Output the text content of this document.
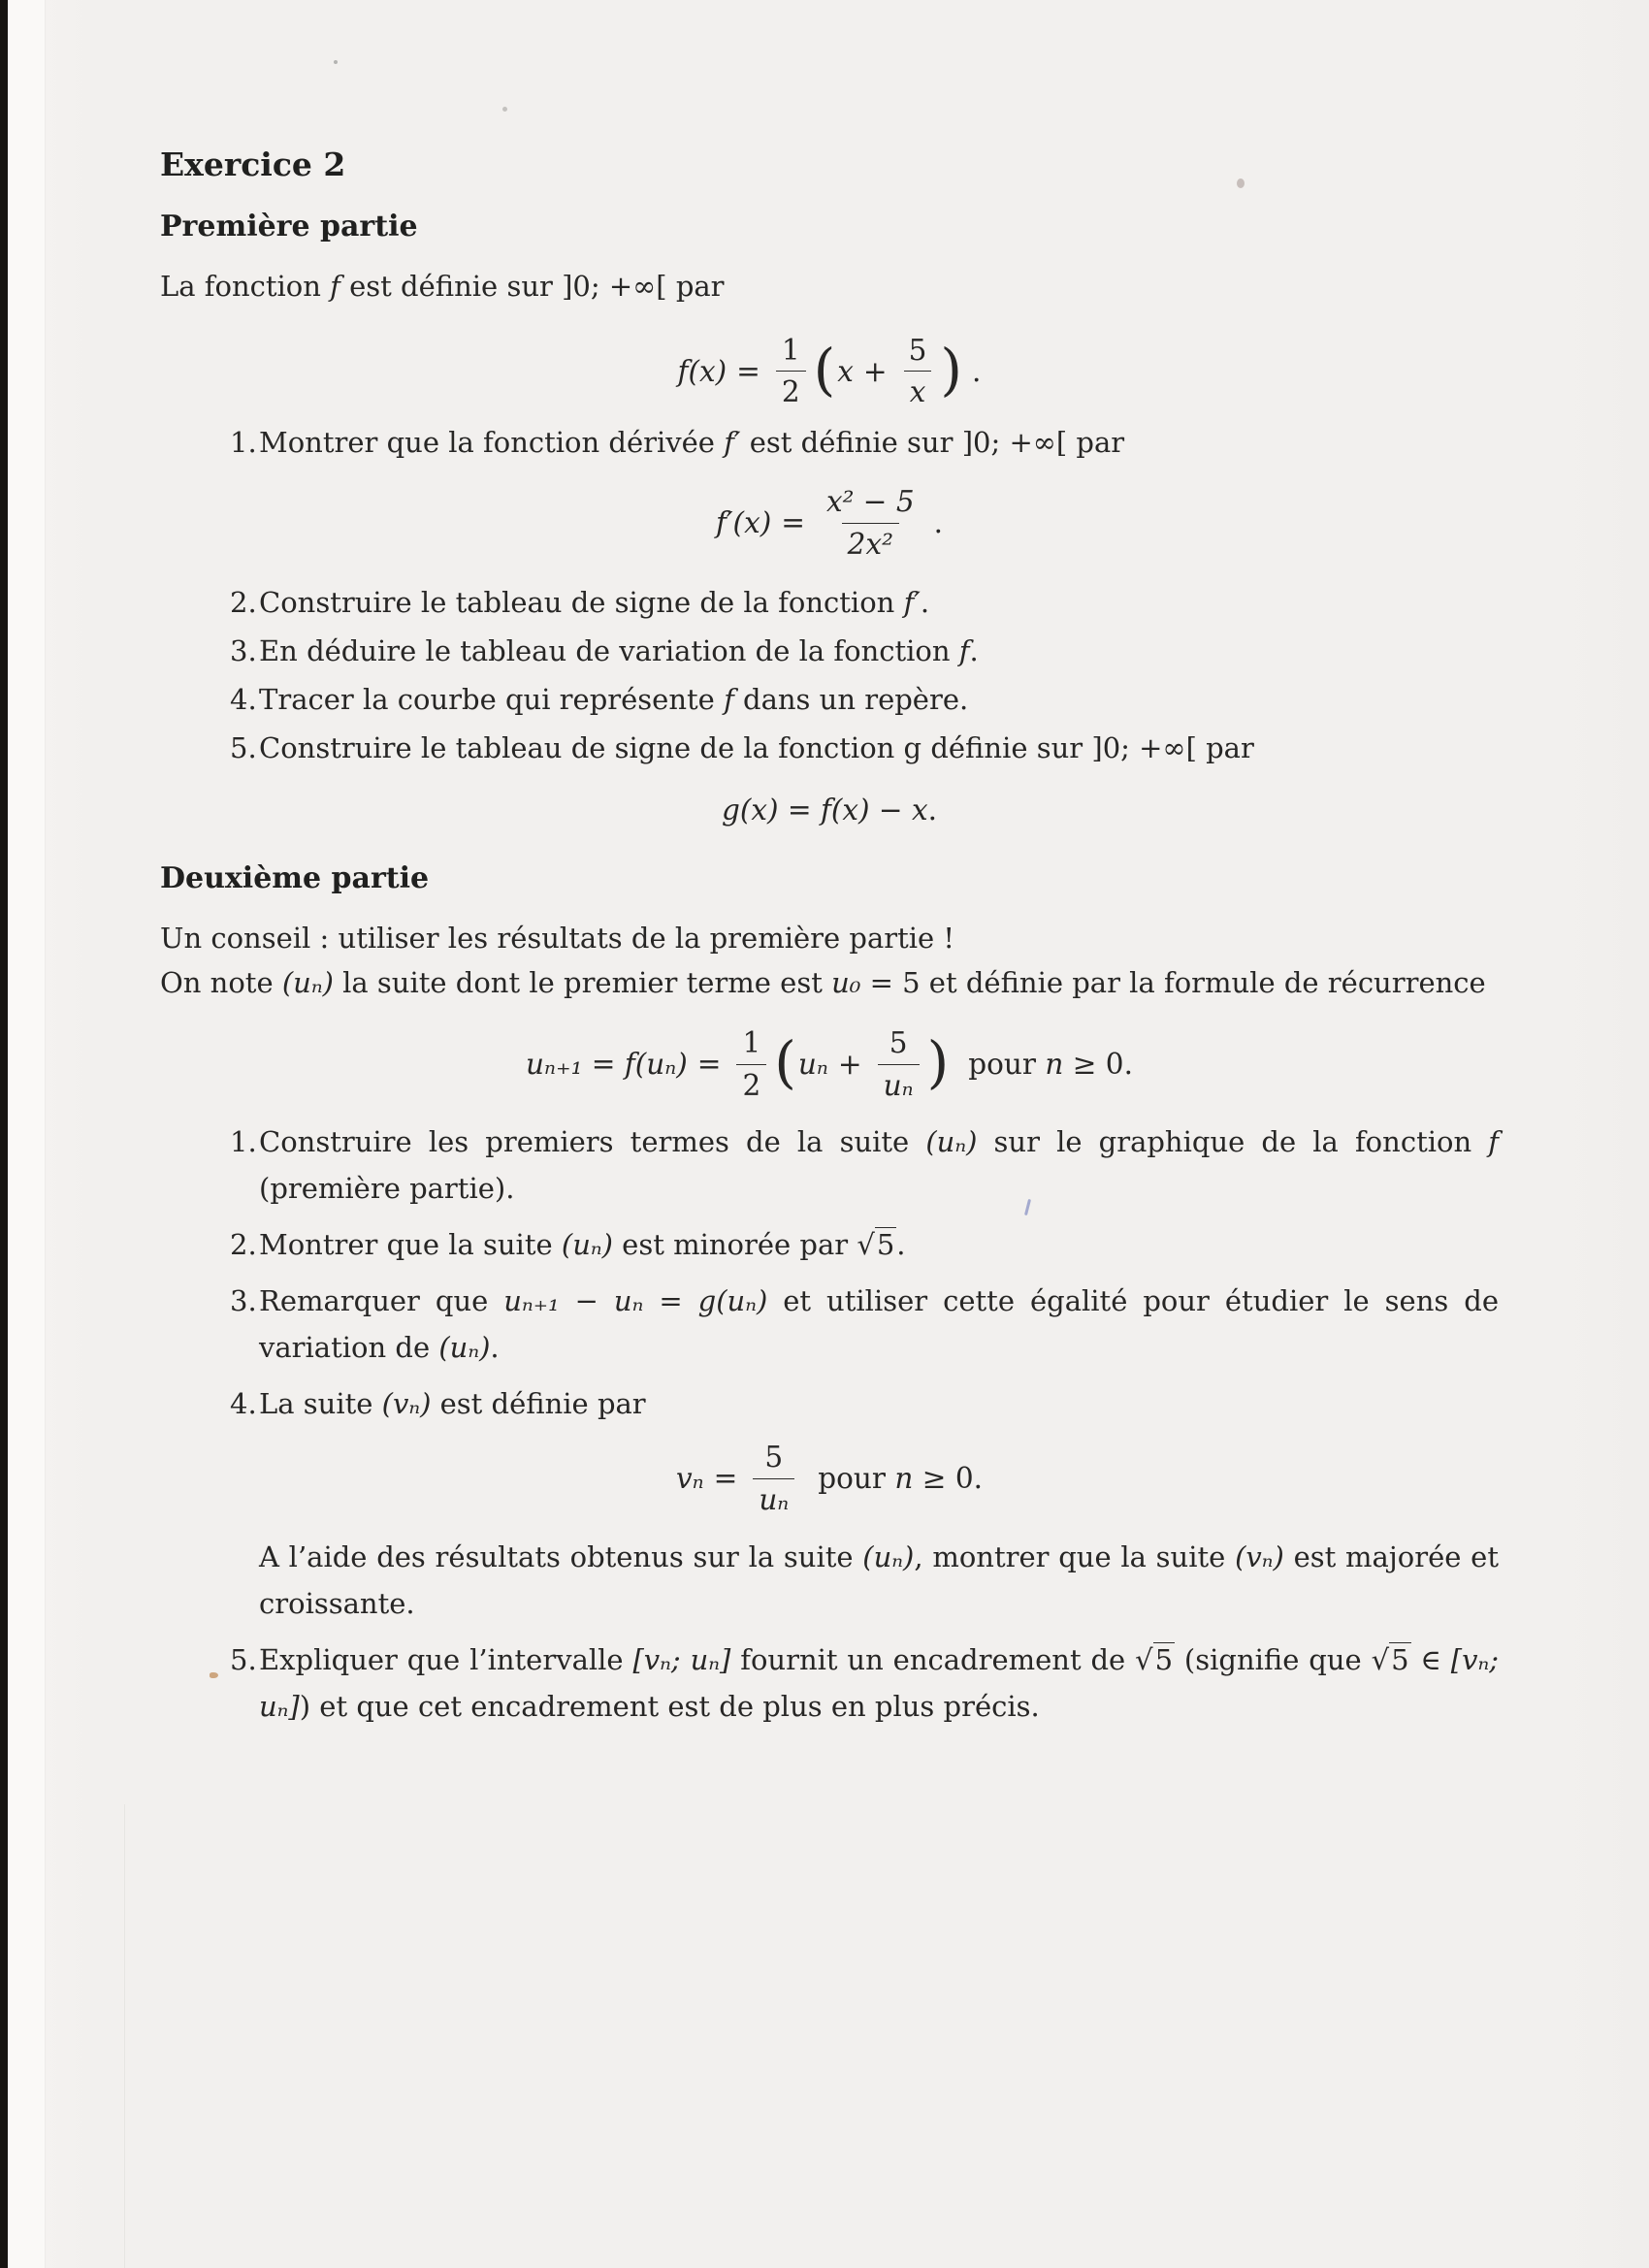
Exercice 2
Première partie

La fonction f est définie sur ]0; +∞[ par

$f(x) = \frac{1}{2}$ ( $x + \frac{5}{x}$ ) .
1. Montrer que la fonction dérivée f′ est définie sur ]0; +∞[ par
$f'(x) = \frac{\text{x² − 5}}{\text{2x²}}$ .
2. Construire le tableau de signe de la fonction f′.
3. En déduire le tableau de variation de la fonction f.
4. Tracer la courbe qui représente f dans un repère.
5. Construire le tableau de signe de la fonction g définie sur ]0; +∞[ par
g(x) = f(x) − x .
Deuxième partie

Un conseil : utiliser les résultats de la première partie !

On note (uₙ) la suite dont le premier terme est u₀ = 5 et définie par la formule de récurrence

$u_{n+1} = f(u_n) = \frac{1}{2}$ ( $u_n + \frac{5}{\text{uₙ}}$ ) pour n ≥ 0.
1. Construire les premiers termes de la suite (uₙ) sur le graphique de la fonction f (première partie).
2. Montrer que la suite (uₙ) est minorée par √5.
3. Remarquer que uₙ₊₁ − uₙ = g(uₙ) et utiliser cette égalité pour étudier le sens de variation de (uₙ).
4. La suite (vₙ) est définie par
$v_n = \frac{5}{\text{uₙ}}$ pour n ≥ 0.

A l’aide des résultats obtenus sur la suite (uₙ), montrer que la suite (vₙ) est majorée et croissante.

5. Expliquer que l’intervalle [vₙ; uₙ] fournit un encadrement de √5 (signifie que √5 ∈ [vₙ; uₙ]) et que cet encadrement est de plus en plus précis.
